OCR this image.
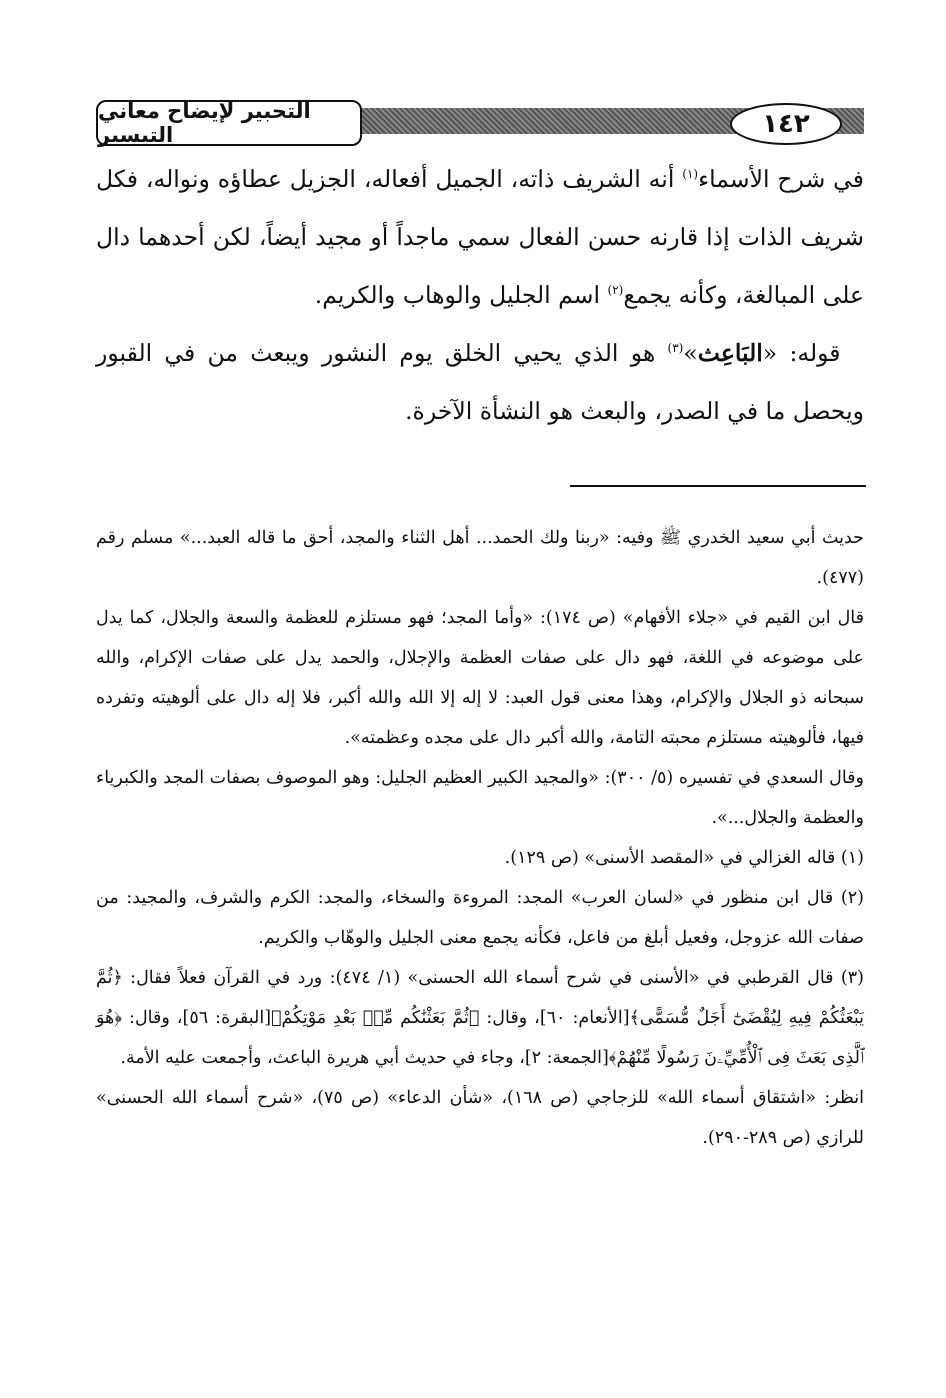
التحبير لإيضاح معاني التيسير	١٤٢

في شرح الأسماء$^{(١)}$ أنه الشريف ذاته، الجميل أفعاله، الجزيل عطاؤه ونواله، فكل شريف الذات إذا قارنه حسن الفعال سمي ماجداً أو مجيد أيضاً، لكن أحدهما دال على المبالغة، وكأنه يجمع$^{(٢)}$ اسم الجليل والوهاب والكريم.

 قوله: «البَاعِث»$^{(٣)}$ هو الذي يحيي الخلق يوم النشور ويبعث من في القبور ويحصل ما في الصدر، والبعث هو النشأة الآخرة.

حديث أبي سعيد الخدري ﷺ وفيه: «ربنا ولك الحمد... أهل الثناء والمجد، أحق ما قاله العبد...» مسلم رقم (٤٧٧).

قال ابن القيم في «جلاء الأفهام» (ص ١٧٤): «وأما المجد؛ فهو مستلزم للعظمة والسعة والجلال، كما يدل على موضوعه في اللغة، فهو دال على صفات العظمة والإجلال، والحمد يدل على صفات الإكرام، والله سبحانه ذو الجلال والإكرام، وهذا معنى قول العبد: لا إله إلا الله والله أكبر، فلا إله دال على ألوهيته وتفرده فيها، فألوهيته مستلزم محبته التامة، والله أكبر دال على مجده وعظمته».

وقال السعدي في تفسيره (٥/ ٣٠٠): «والمجيد الكبير العظيم الجليل: وهو الموصوف بصفات المجد والكبرياء والعظمة والجلال...».

(١) قاله الغزالي في «المقصد الأسنى» (ص ١٢٩).

(٢) قال ابن منظور في «لسان العرب» المجد: المروءة والسخاء، والمجد: الكرم والشرف، والمجيد: من صفات الله عزوجل، وفعيل أبلغ من فاعل، فكأنه يجمع معنى الجليل والوهّاب والكريم.

(٣) قال القرطبي في «الأسنى في شرح أسماء الله الحسنى» (١/ ٤٧٤): ورد في القرآن فعلاً فقال: ﴿ثُمَّ يَبْعَثُكُمْ فِيهِ لِيُقْضَىٰٓ أَجَلٌ مُّسَمًّى﴾[الأنعام: ٦٠]، وقال: ﴿ثُمَّ بَعَثْنَٰكُم مِّنۢ بَعْدِ مَوْتِكُمْ﴾[البقرة: ٥٦]، وقال: ﴿هُوَ ٱلَّذِى بَعَثَ فِى ٱلْأُمِّيِّۦنَ رَسُولًا مِّنْهُمْ﴾[الجمعة: ٢]، وجاء في حديث أبي هريرة الباعث، وأجمعت عليه الأمة.

انظر: «اشتقاق أسماء الله» للزجاجي (ص ١٦٨)، «شأن الدعاء» (ص ٧٥)، «شرح أسماء الله الحسنى» للرازي (ص ٢٨٩-٢٩٠).
